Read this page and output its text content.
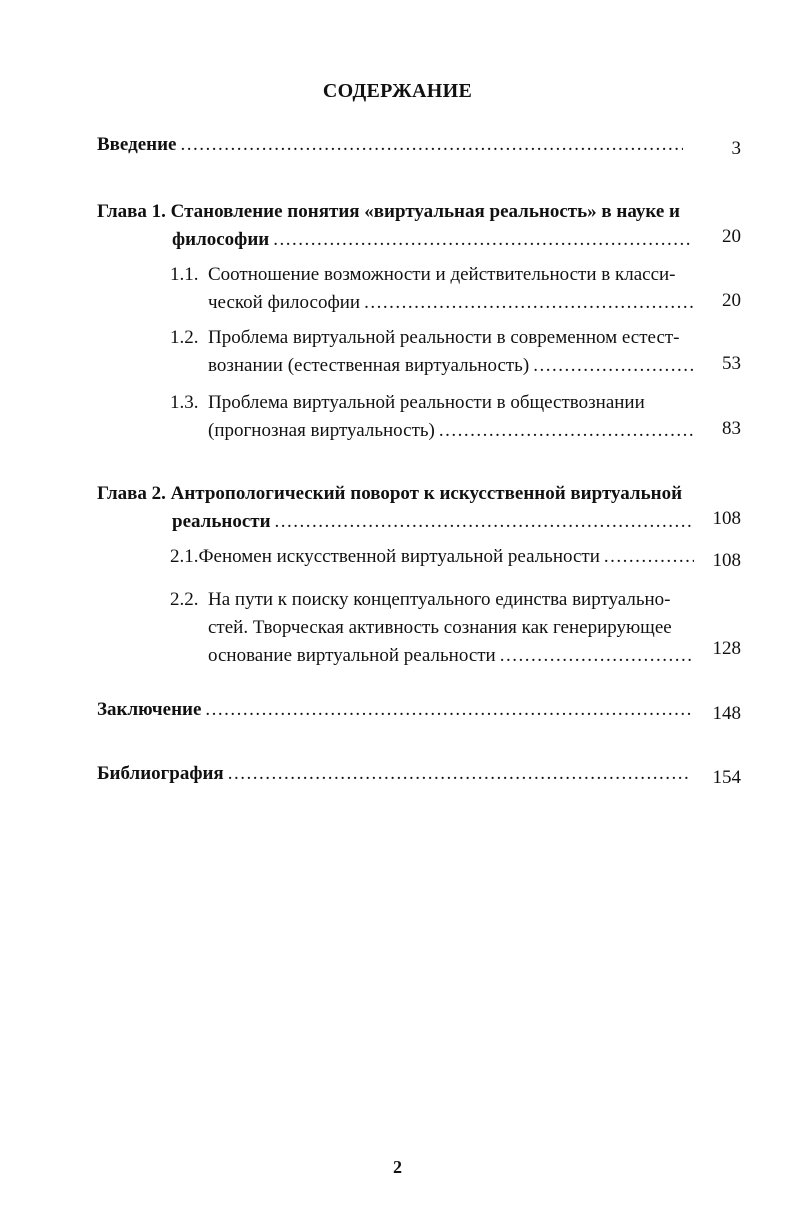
СОДЕРЖАНИЕ
Введение .....	3
Глава 1. Становление понятия «виртуальная реальность» в науке и
философии .....	20
1.1. Соотношение возможности и действительности в класси-
ческой философии .....	20
1.2. Проблема виртуальной реальности в современном естест-
вознании (естественная виртуальность) .....	53
1.3. Проблема виртуальной реальности в обществознании
(прогнозная виртуальность) .....	83
Глава 2. Антропологический поворот к искусственной виртуальной
реальности .....	108
2.1. Феномен искусственной виртуальной реальности .....	108
2.2. На пути к поиску концептуального единства виртуально-
стей. Творческая активность сознания как генерирующее
основание виртуальной реальности .....	128
Заключение .....	148
Библиография .....	154
2
